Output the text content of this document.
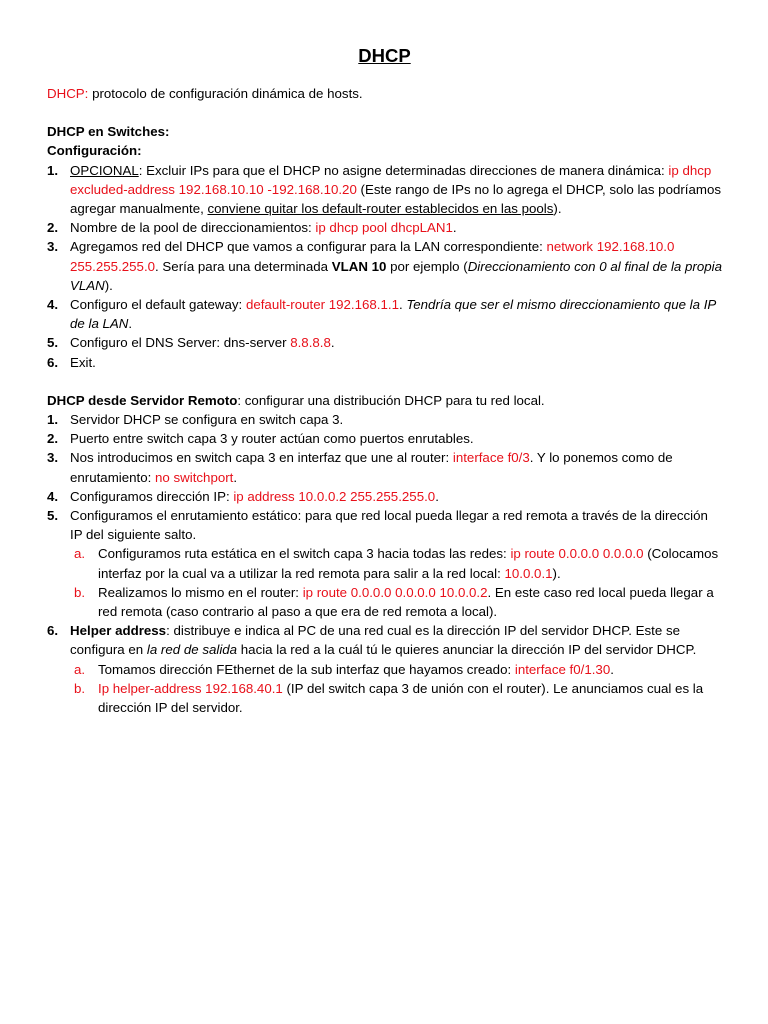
DHCP

DHCP: protocolo de configuración dinámica de hosts.

DHCP en Switches:

Configuración:

1. OPCIONAL: Excluir IPs para que el DHCP no asigne determinadas direcciones de manera dinámica: ip dhcp excluded-address 192.168.10.10 -192.168.10.20 (Este rango de IPs no lo agrega el DHCP, solo las podríamos agregar manualmente, conviene quitar los default-router establecidos en las pools).
2. Nombre de la pool de direccionamientos: ip dhcp pool dhcpLAN1.
3. Agregamos red del DHCP que vamos a configurar para la LAN correspondiente: network 192.168.10.0 255.255.255.0. Sería para una determinada VLAN 10 por ejemplo (Direccionamiento con 0 al final de la propia VLAN).
4. Configuro el default gateway: default-router 192.168.1.1. Tendría que ser el mismo direccionamiento que la IP de la LAN.
5. Configuro el DNS Server: dns-server 8.8.8.8.
6. Exit.

DHCP desde Servidor Remoto: configurar una distribución DHCP para tu red local.

1. Servidor DHCP se configura en switch capa 3.
2. Puerto entre switch capa 3 y router actúan como puertos enrutables.
3. Nos introducimos en switch capa 3 en interfaz que une al router: interface f0/3. Y lo ponemos como de enrutamiento: no switchport.
4. Configuramos dirección IP: ip address 10.0.0.2 255.255.255.0.
5. Configuramos el enrutamiento estático: para que red local pueda llegar a red remota a través de la dirección IP del siguiente salto.
a. Configuramos ruta estática en el switch capa 3 hacia todas las redes: ip route 0.0.0.0 0.0.0.0 (Colocamos interfaz por la cual va a utilizar la red remota para salir a la red local: 10.0.0.1).
b. Realizamos lo mismo en el router: ip route 0.0.0.0 0.0.0.0 10.0.0.2. En este caso red local pueda llegar a red remota (caso contrario al paso a que era de red remota a local).
6. Helper address: distribuye e indica al PC de una red cual es la dirección IP del servidor DHCP. Este se configura en la red de salida hacia la red a la cuál tú le quieres anunciar la dirección IP del servidor DHCP.
a. Tomamos dirección FEthernet de la sub interfaz que hayamos creado: interface f0/1.30.
b. Ip helper-address 192.168.40.1 (IP del switch capa 3 de unión con el router). Le anunciamos cual es la dirección IP del servidor.
